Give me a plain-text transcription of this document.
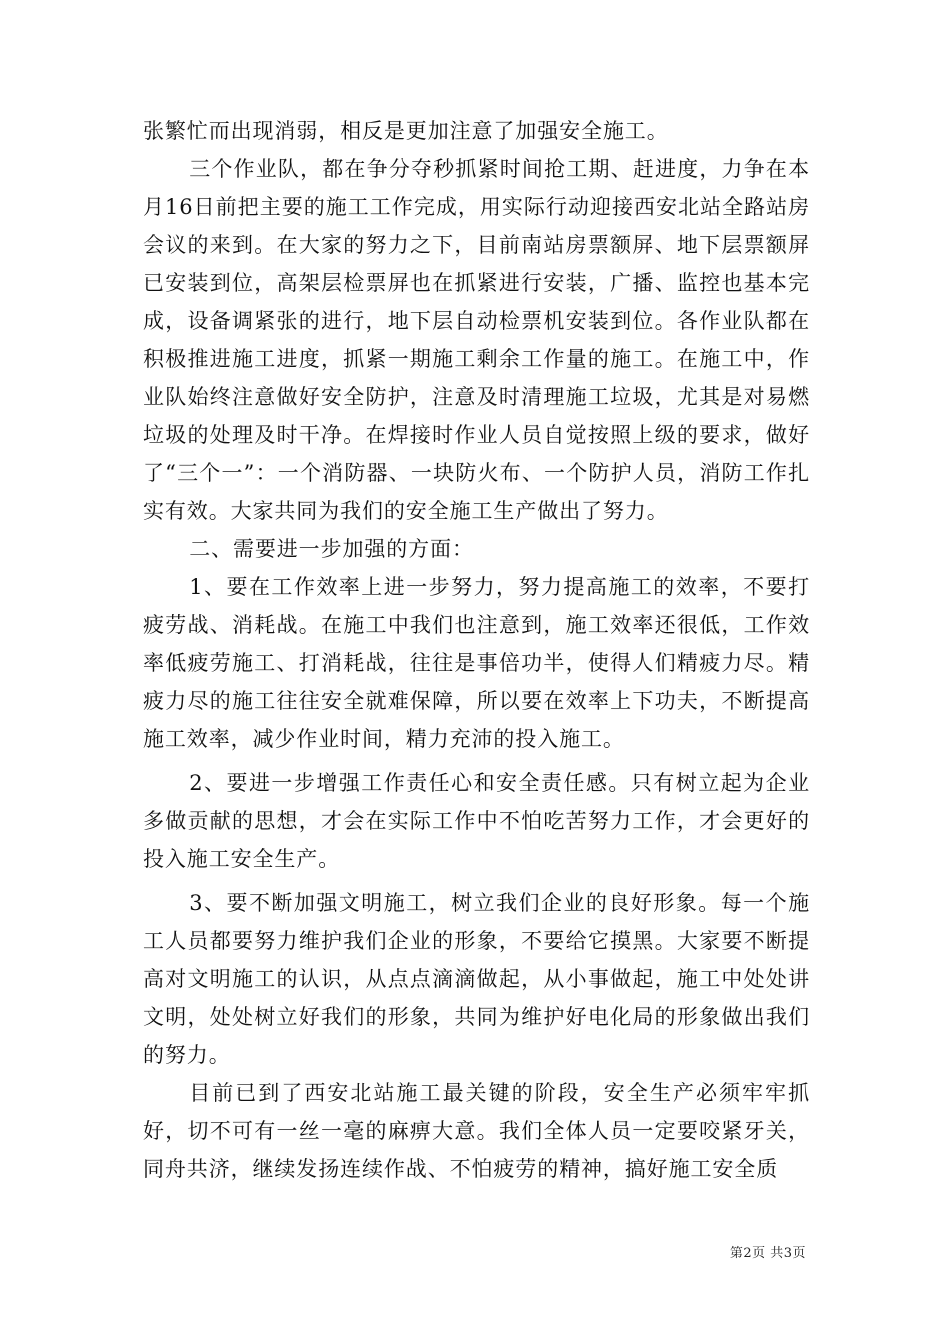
张繁忙而出现消弱，相反是更加注意了加强安全施工。

三个作业队，都在争分夺秒抓紧时间抢工期、赶进度，力争在本月16日前把主要的施工工作完成，用实际行动迎接西安北站全路站房会议的来到。在大家的努力之下，目前南站房票额屏、地下层票额屏已安装到位，高架层检票屏也在抓紧进行安装，广播、监控也基本完成，设备调紧张的进行，地下层自动检票机安装到位。各作业队都在积极推进施工进度，抓紧一期施工剩余工作量的施工。在施工中，作业队始终注意做好安全防护，注意及时清理施工垃圾，尤其是对易燃垃圾的处理及时干净。在焊接时作业人员自觉按照上级的要求，做好了“三个一”：一个消防器、一块防火布、一个防护人员，消防工作扎实有效。大家共同为我们的安全施工生产做出了努力。

二、需要进一步加强的方面：

1、要在工作效率上进一步努力，努力提高施工的效率，不要打疲劳战、消耗战。在施工中我们也注意到，施工效率还很低，工作效率低疲劳施工、打消耗战，往往是事倍功半，使得人们精疲力尽。精疲力尽的施工往往安全就难保障，所以要在效率上下功夫，不断提高施工效率，减少作业时间，精力充沛的投入施工。

2、要进一步增强工作责任心和安全责任感。只有树立起为企业多做贡献的思想，才会在实际工作中不怕吃苦努力工作，才会更好的投入施工安全生产。

3、要不断加强文明施工，树立我们企业的良好形象。每一个施工人员都要努力维护我们企业的形象，不要给它摸黑。大家要不断提高对文明施工的认识，从点点滴滴做起，从小事做起，施工中处处讲文明，处处树立好我们的形象，共同为维护好电化局的形象做出我们的努力。

目前已到了西安北站施工最关键的阶段，安全生产必须牢牢抓好，切不可有一丝一毫的麻痹大意。我们全体人员一定要咬紧牙关，同舟共济，继续发扬连续作战、不怕疲劳的精神，搞好施工安全质

第2页 共3页
